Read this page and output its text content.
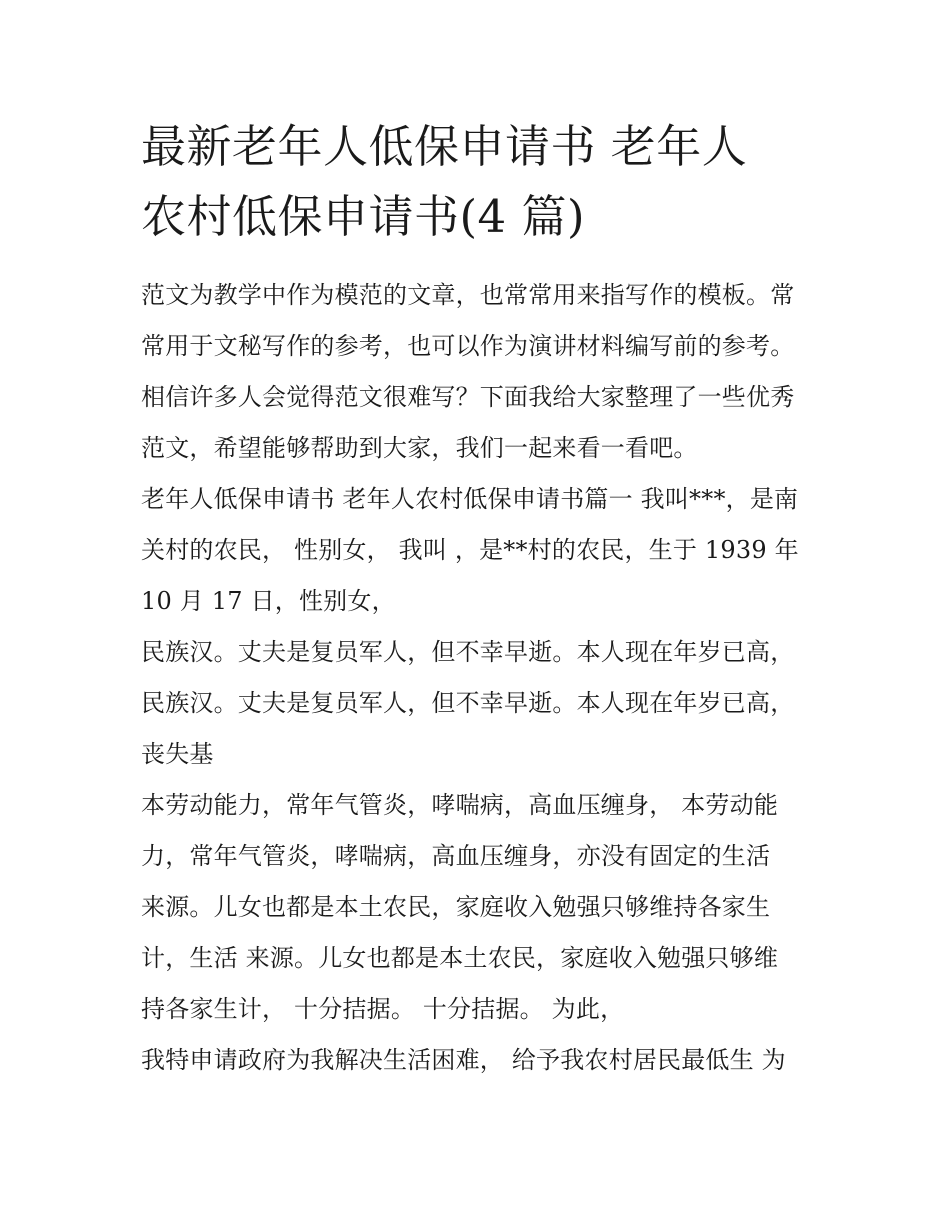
最新老年人低保申请书 老年人
农村低保申请书(4 篇)

范文为教学中作为模范的文章，也常常用来指写作的模板。常
常用于文秘写作的参考，也可以作为演讲材料编写前的参考。
相信许多人会觉得范文很难写？下面我给大家整理了一些优秀
范文，希望能够帮助到大家，我们一起来看一看吧。

老年人低保申请书 老年人农村低保申请书篇一 我叫***，是南
关村的农民， 性别女， 我叫 ，是**村的农民，生于 1939 年
10 月 17 日，性别女，

民族汉。丈夫是复员军人，但不幸早逝。本人现在年岁已高，
民族汉。丈夫是复员军人，但不幸早逝。本人现在年岁已高，
丧失基

本劳动能力，常年气管炎，哮喘病，高血压缠身， 本劳动能
力，常年气管炎，哮喘病，高血压缠身，亦没有固定的生活
来源。儿女也都是本土农民，家庭收入勉强只够维持各家生
计，生活 来源。儿女也都是本土农民，家庭收入勉强只够维
持各家生计， 十分拮据。 十分拮据。 为此，

我特申请政府为我解决生活困难， 给予我农村居民最低生 为
